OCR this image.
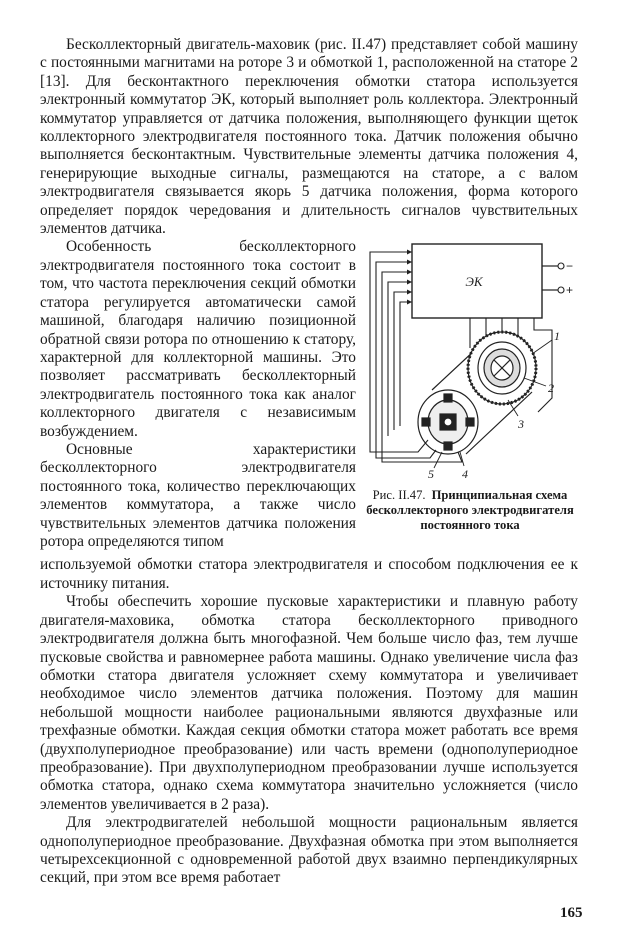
Бесколлекторный двигатель-маховик (рис. II.47) представляет собой машину с постоянными магнитами на роторе 3 и обмоткой 1, расположенной на статоре 2 [13]. Для бесконтактного переключения обмотки статора используется электронный коммутатор ЭК, который выполняет роль коллектора. Электронный коммутатор управляется от датчика положения, выполняющего функции щеток коллекторного электродвигателя постоянного тока. Датчик положения обычно выполняется бесконтактным. Чувствительные элементы датчика положения 4, генерирующие выходные сигналы, размещаются на статоре, а с валом электродвигателя связывается якорь 5 датчика положения, форма которого определяет порядок чередования и длительность сигналов чувствительных элементов датчика.

Особенность бесколлекторного электродвигателя постоянного тока состоит в том, что частота переключения секций обмотки статора регулируется автоматически самой машиной, благодаря наличию позиционной обратной связи ротора по отношению к статору, характерной для коллекторной машины. Это позволяет рассматривать бесколлекторный электродвигатель постоянного тока как аналог коллекторного двигателя с независимым возбуждением.

Основные характеристики бесколлекторного электродвигателя постоянного тока, количество переключающих элементов коммутатора, а также число чувствительных элементов датчика положения ротора определяются типом

ЭК
−
+
1
2
3
4
5
Рис. II.47. Принципиальная схема бесколлекторного электродвигателя постоянного тока

используемой обмотки статора электродвигателя и способом подключения ее к источнику питания.

Чтобы обеспечить хорошие пусковые характеристики и плавную работу двигателя-маховика, обмотка статора бесколлекторного приводного электродвигателя должна быть многофазной. Чем больше число фаз, тем лучше пусковые свойства и равномернее работа машины. Однако увеличение числа фаз обмотки статора двигателя усложняет схему коммутатора и увеличивает необходимое число элементов датчика положения. Поэтому для машин небольшой мощности наиболее рациональными являются двухфазные или трехфазные обмотки. Каждая секция обмотки статора может работать все время (двухполупериодное преобразование) или часть времени (однополупериодное преобразование). При двухполупериодном преобразовании лучше используется обмотка статора, однако схема коммутатора значительно усложняется (число элементов увеличивается в 2 раза).

Для электродвигателей небольшой мощности рациональным является однополупериодное преобразование. Двухфазная обмотка при этом выполняется четырехсекционной с одновременной работой двух взаимно перпендикулярных секций, при этом все время работает

165
